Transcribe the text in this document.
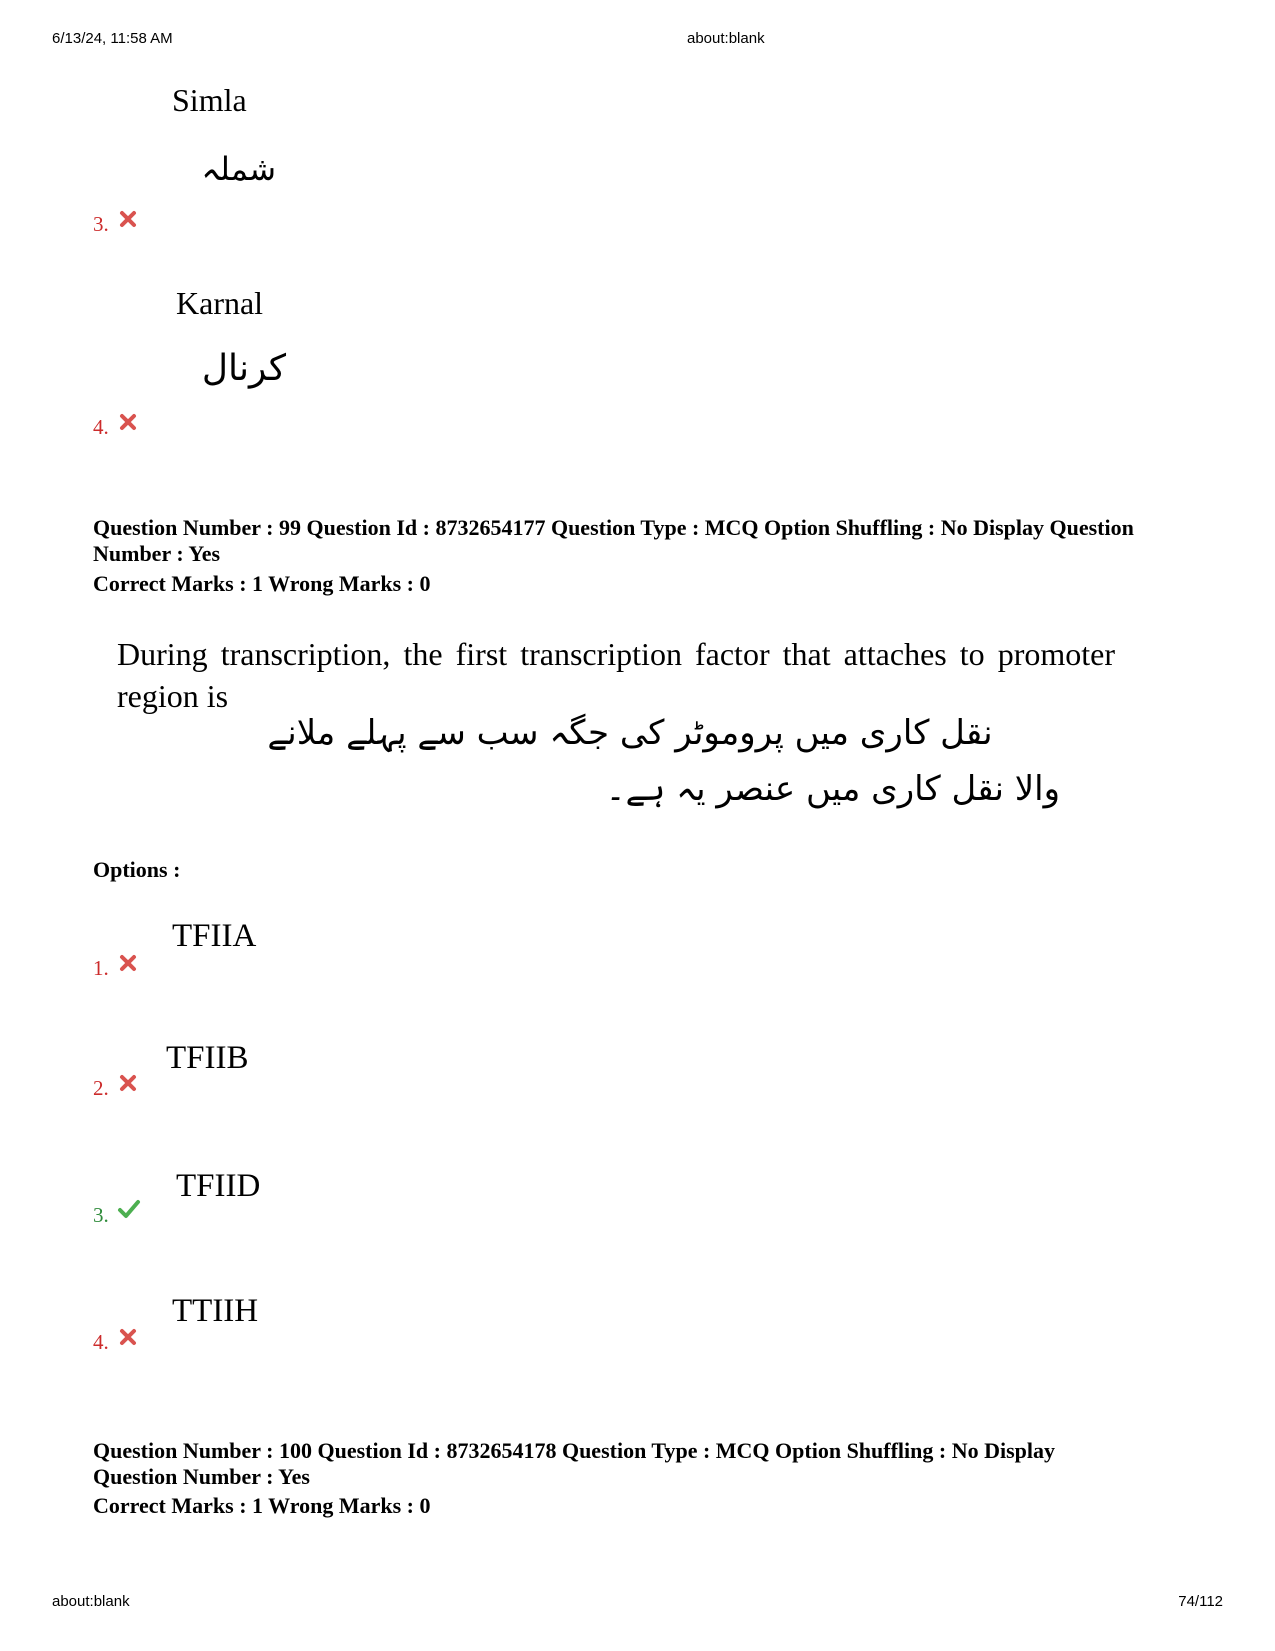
6/13/24, 11:58 AM	about:blank
about:blank	74/112
Simla
شملہ
3.
Karnal
کرنال
4.
Question Number : 99 Question Id : 8732654177 Question Type : MCQ Option Shuffling : No Display Question Number : Yes
Correct Marks : 1 Wrong Marks : 0
During transcription, the first transcription factor that attaches to promoter region is
نقل کاری میں پروموٹر کی جگہ سب سے پہلے ملانے
والا نقل کاری میں عنصر یہ ہے۔
Options :
TFIIA
1.
TFIIB
2.
TFIID
3.
TTIIH
4.
Question Number : 100 Question Id : 8732654178 Question Type : MCQ Option Shuffling : No Display Question Number : Yes
Correct Marks : 1 Wrong Marks : 0
